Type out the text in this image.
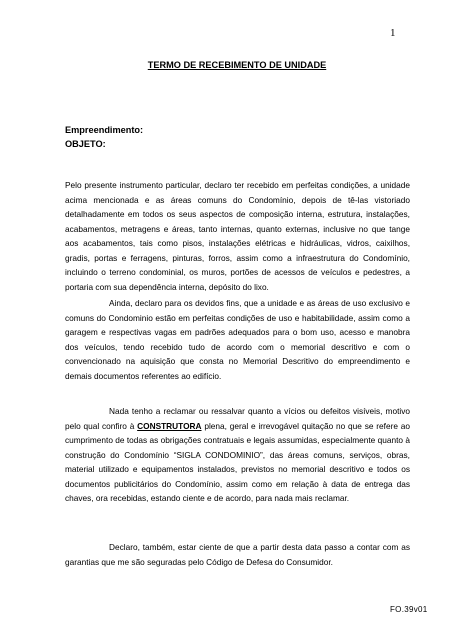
1
TERMO DE RECEBIMENTO DE UNIDADE
Empreendimento:
OBJETO:

Pelo presente instrumento particular, declaro ter recebido em perfeitas condições, a unidade acima mencionada e as áreas comuns do Condomínio, depois de tê-las vistoriado detalhadamente em todos os seus aspectos de composição interna, estrutura, instalações, acabamentos, metragens e áreas, tanto internas, quanto externas, inclusive no que tange aos acabamentos, tais como pisos, instalações elétricas e hidráulicas, vidros, caixilhos, gradis, portas e ferragens, pinturas, forros, assim como a infraestrutura do Condomínio, incluindo o terreno condominial, os muros, portões de acessos de veículos e pedestres, a portaria com sua dependência interna, depósito do lixo.

Ainda, declaro para os devidos fins, que a unidade e as áreas de uso exclusivo e comuns do Condominio estão em perfeitas condições de uso e habitabilidade, assim como a garagem e respectivas vagas em padrões adequados para o bom uso, acesso e manobra dos veículos, tendo recebido tudo de acordo com o memorial descritivo e com o convencionado na aquisição que consta no Memorial Descritivo do empreendimento e demais documentos referentes ao edifício.

Nada tenho a reclamar ou ressalvar quanto a vícios ou defeitos visíveis, motivo pelo qual confiro à CONSTRUTORA plena, geral e irrevogável quitação no que se refere ao cumprimento de todas as obrigações contratuais e legais assumidas, especialmente quanto à construção do Condomínio “SIGLA CONDOMINIO”, das áreas comuns, serviços, obras, material utilizado e equipamentos instalados, previstos no memorial descritivo e todos os documentos publicitários do Condomínio, assim como em relação à data de entrega das chaves, ora recebidas, estando ciente e de acordo, para nada mais reclamar.

Declaro, também, estar ciente de que a partir desta data passo a contar com as garantias que me são seguradas pelo Código de Defesa do Consumidor.

FO.39v01
